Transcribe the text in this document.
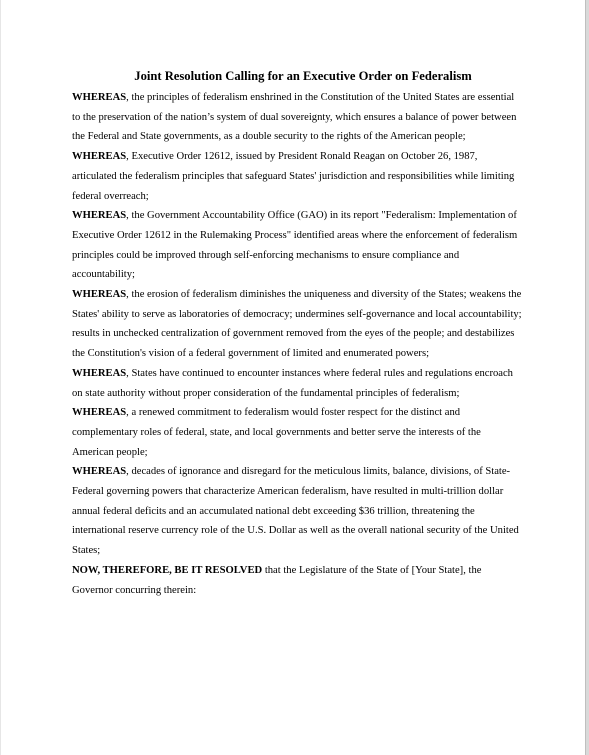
Joint Resolution Calling for an Executive Order on Federalism

WHEREAS, the principles of federalism enshrined in the Constitution of the United States are essential to the preservation of the nation’s system of dual sovereignty, which ensures a balance of power between the Federal and State governments, as a double security to the rights of the American people;

WHEREAS, Executive Order 12612, issued by President Ronald Reagan on October 26, 1987, articulated the federalism principles that safeguard States' jurisdiction and responsibilities while limiting federal overreach;

WHEREAS, the Government Accountability Office (GAO) in its report "Federalism: Implementation of Executive Order 12612 in the Rulemaking Process" identified areas where the enforcement of federalism principles could be improved through self-enforcing mechanisms to ensure compliance and accountability;

WHEREAS, the erosion of federalism diminishes the uniqueness and diversity of the States; weakens the States' ability to serve as laboratories of democracy; undermines self-governance and local accountability; results in unchecked centralization of government removed from the eyes of the people; and destabilizes the Constitution's vision of a federal government of limited and enumerated powers;

WHEREAS, States have continued to encounter instances where federal rules and regulations encroach on state authority without proper consideration of the fundamental principles of federalism;

WHEREAS, a renewed commitment to federalism would foster respect for the distinct and complementary roles of federal, state, and local governments and better serve the interests of the American people;

WHEREAS, decades of ignorance and disregard for the meticulous limits, balance, divisions, of State-Federal governing powers that characterize American federalism, have resulted in multi-trillion dollar annual federal deficits and an accumulated national debt exceeding $36 trillion, threatening the international reserve currency role of the U.S. Dollar as well as the overall national security of the United States;

NOW, THEREFORE, BE IT RESOLVED that the Legislature of the State of [Your State], the Governor concurring therein:
